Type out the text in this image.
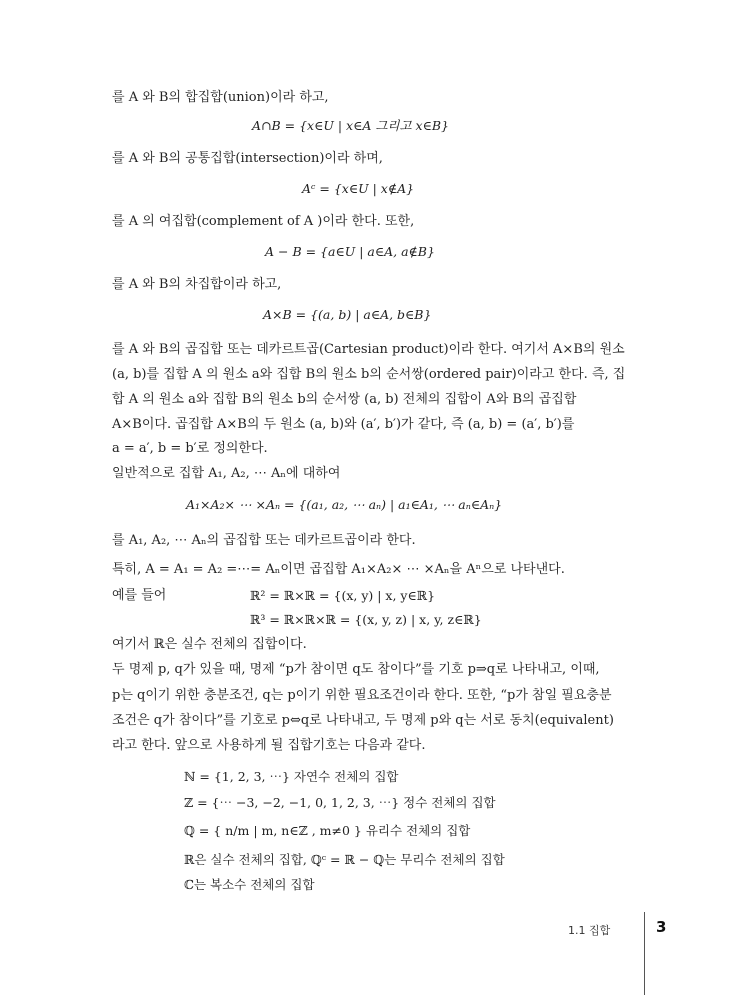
를 A 와 B의 합집합(union)이라 하고,
A∩B = {x∈U | x∈A 그리고 x∈B}
를 A 와 B의 공통집합(intersection)이라 하며,
Aᶜ = {x∈U | x∉A}
를 A 의 여집합(complement of A )이라 한다. 또한,
A − B = {a∈U | a∈A, a∉B}
를 A 와 B의 차집합이라 하고,
A×B = {(a, b) | a∈A, b∈B}
를 A 와 B의 곱집합 또는 데카르트곱(Cartesian product)이라 한다. 여기서 A×B의 원소
(a, b)를 집합 A 의 원소 a와 집합 B의 원소 b의 순서쌍(ordered pair)이라고 한다. 즉, 집
합 A 의 원소 a와 집합 B의 원소 b의 순서쌍 (a, b) 전체의 집합이 A와 B의 곱집합
A×B이다. 곱집합 A×B의 두 원소 (a, b)와 (a′, b′)가 같다, 즉 (a, b) = (a′, b′)를
a = a′, b = b′로 정의한다.
일반적으로 집합 A₁, A₂, ⋯ Aₙ에 대하여
A₁×A₂× ⋯ ×Aₙ = {(a₁, a₂, ⋯ aₙ) | a₁∈A₁, ⋯ aₙ∈Aₙ}
를 A₁, A₂, ⋯ Aₙ의 곱집합 또는 데카르트곱이라 한다.
특히, A = A₁ = A₂ =⋯= Aₙ이면 곱집합 A₁×A₂× ⋯ ×Aₙ을 Aⁿ으로 나타낸다.
예를 들어	ℝ² = ℝ×ℝ = {(x, y) | x, y∈ℝ}
ℝ³ = ℝ×ℝ×ℝ = {(x, y, z) | x, y, z∈ℝ}
여기서 ℝ은 실수 전체의 집합이다.
두 명제 p, q가 있을 때, 명제 “p가 참이면 q도 참이다”를 기호 p⇒q로 나타내고, 이때,
p는 q이기 위한 충분조건, q는 p이기 위한 필요조건이라 한다. 또한, “p가 참일 필요충분
조건은 q가 참이다”를 기호로 p⇔q로 나타내고, 두 명제 p와 q는 서로 동치(equivalent)
라고 한다. 앞으로 사용하게 될 집합기호는 다음과 같다.
ℕ = {1, 2, 3, ⋯} 자연수 전체의 집합
ℤ = {⋯ −3, −2, −1, 0, 1, 2, 3, ⋯} 정수 전체의 집합
ℚ = { n/m | m, n∈ℤ , m≠0 } 유리수 전체의 집합
ℝ은 실수 전체의 집합, ℚᶜ = ℝ − ℚ는 무리수 전체의 집합
ℂ는 복소수 전체의 집합
1.1 집합	3
